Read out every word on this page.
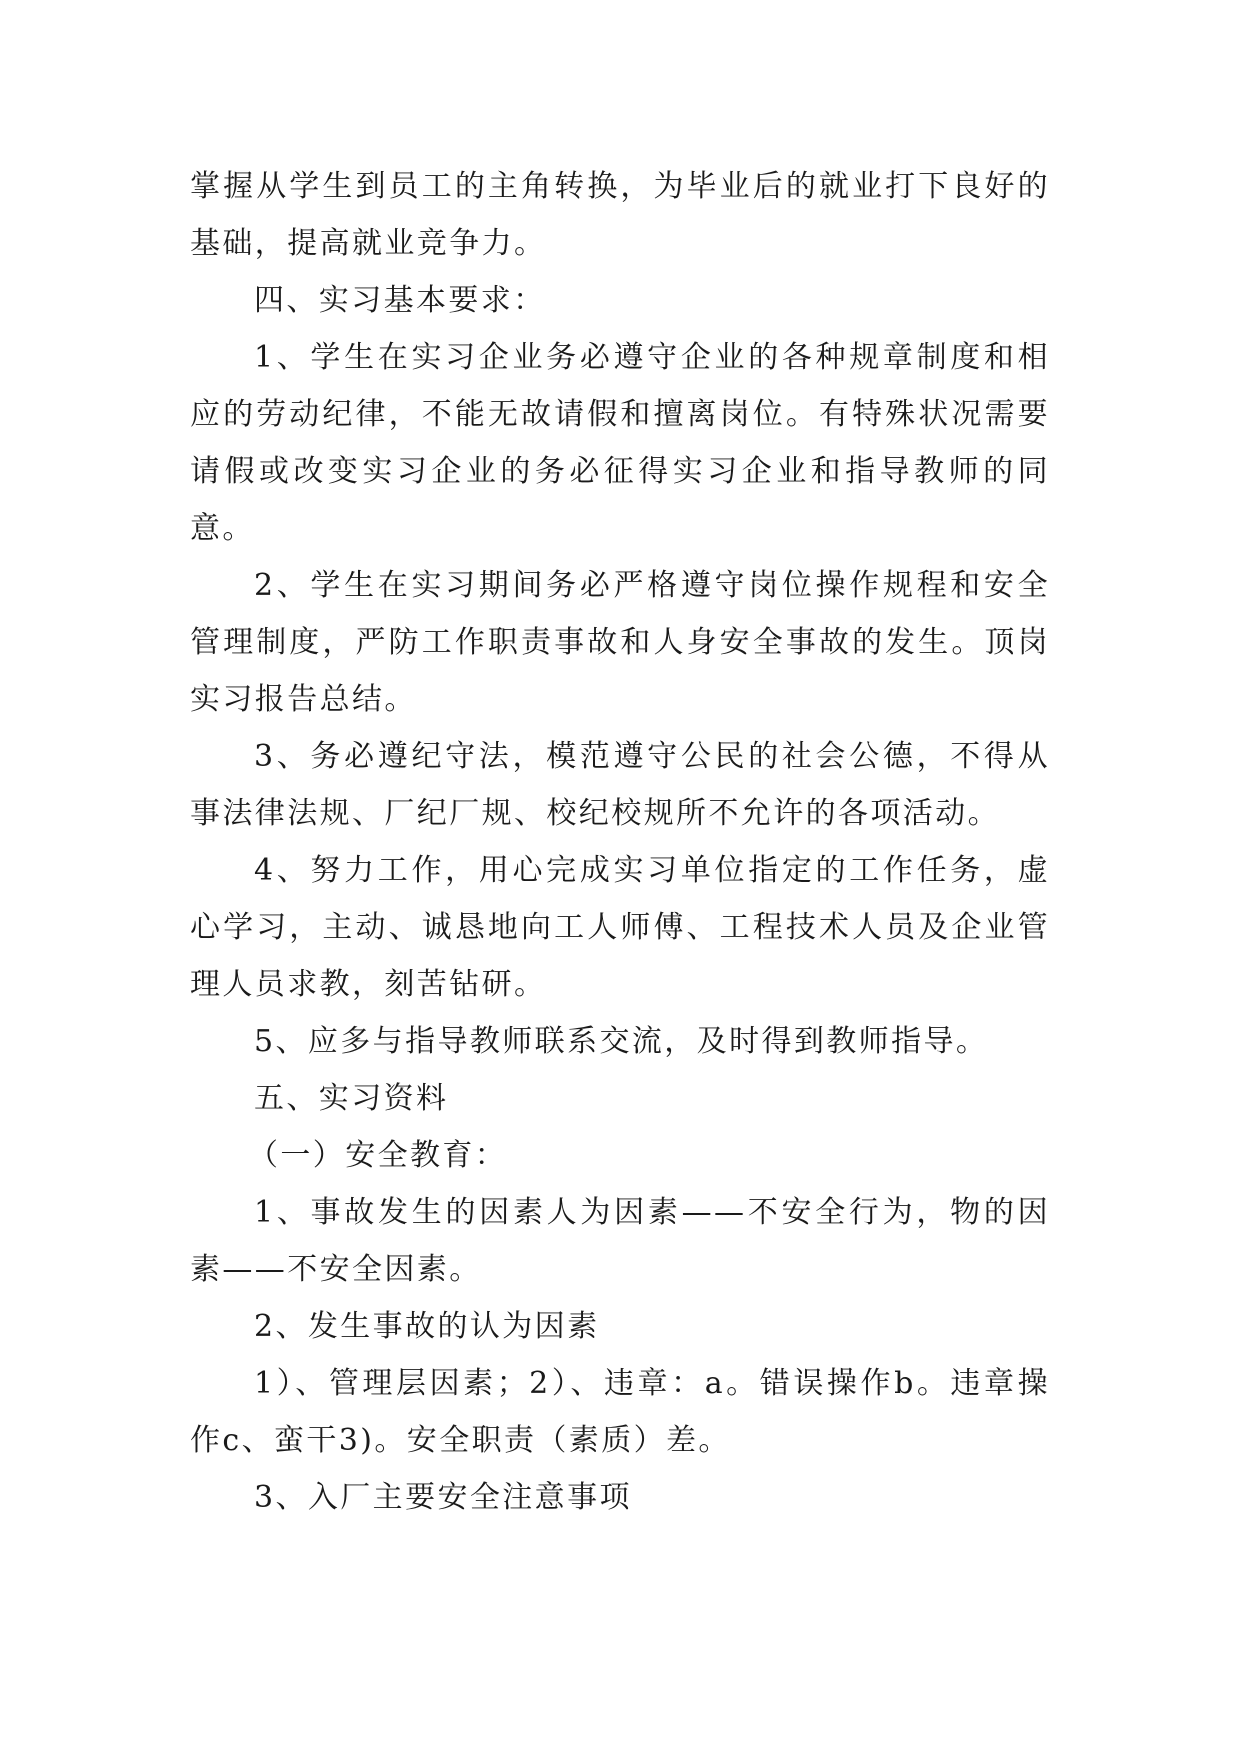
掌握从学生到员工的主角转换，为毕业后的就业打下良好的基础，提高就业竞争力。

四、实习基本要求：

1、学生在实习企业务必遵守企业的各种规章制度和相应的劳动纪律，不能无故请假和擅离岗位。有特殊状况需要请假或改变实习企业的务必征得实习企业和指导教师的同意。

2、学生在实习期间务必严格遵守岗位操作规程和安全管理制度，严防工作职责事故和人身安全事故的发生。顶岗实习报告总结。

3、务必遵纪守法，模范遵守公民的社会公德，不得从事法律法规、厂纪厂规、校纪校规所不允许的各项活动。

4、努力工作，用心完成实习单位指定的工作任务，虚心学习，主动、诚恳地向工人师傅、工程技术人员及企业管理人员求教，刻苦钻研。

5、应多与指导教师联系交流，及时得到教师指导。

五、实习资料

（一）安全教育：

1、事故发生的因素人为因素——不安全行为，物的因素——不安全因素。

2、发生事故的认为因素

1）、管理层因素；2）、违章：a。错误操作b。违章操作c、蛮干3)。安全职责（素质）差。

3、入厂主要安全注意事项
